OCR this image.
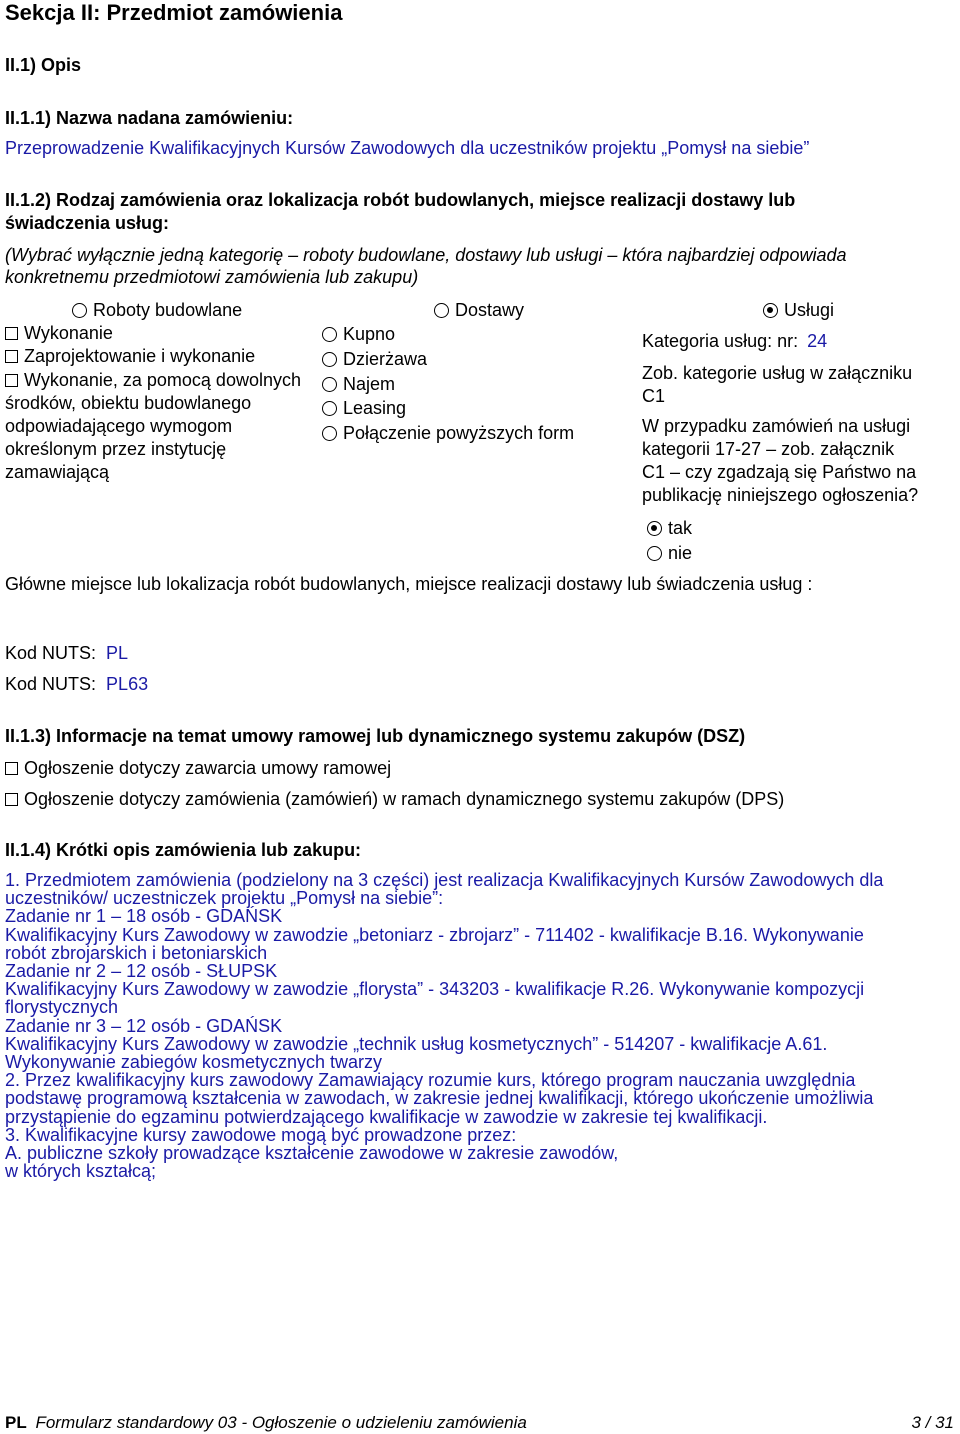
Sekcja II: Przedmiot zamówienia
II.1) Opis
II.1.1) Nazwa nadana zamówieniu:
Przeprowadzenie Kwalifikacyjnych Kursów Zawodowych dla uczestników projektu „Pomysł na siebie”
II.1.2) Rodzaj zamówienia oraz lokalizacja robót budowlanych, miejsce realizacji dostawy lub
świadczenia usług:
(Wybrać wyłącznie jedną kategorię – roboty budowlane, dostawy lub usługi – która najbardziej odpowiada
konkretnemu przedmiotowi zamówienia lub zakupu)
Roboty budowlane	Dostawy	Usługi
Wykonanie
Zaprojektowanie i wykonanie
Wykonanie, za pomocą dowolnych
środków, obiektu budowlanego
odpowiadającego wymogom
określonym przez instytucję
zamawiającą
Kupno
Dzierżawa
Najem
Leasing
Połączenie powyższych form
Kategoria usług: nr: 24
Zob. kategorie usług w załączniku
C1
W przypadku zamówień na usługi
kategorii 17-27 – zob. załącznik
C1 – czy zgadzają się Państwo na
publikację niniejszego ogłoszenia?
tak
nie
Główne miejsce lub lokalizacja robót budowlanych, miejsce realizacji dostawy lub świadczenia usług :
Kod NUTS: PL
Kod NUTS: PL63
II.1.3) Informacje na temat umowy ramowej lub dynamicznego systemu zakupów (DSZ)
Ogłoszenie dotyczy zawarcia umowy ramowej
Ogłoszenie dotyczy zamówienia (zamówień) w ramach dynamicznego systemu zakupów (DPS)
II.1.4) Krótki opis zamówienia lub zakupu:
1. Przedmiotem zamówienia (podzielony na 3 części) jest realizacja Kwalifikacyjnych Kursów Zawodowych dla
uczestników/ uczestniczek projektu „Pomysł na siebie”:
Zadanie nr 1 – 18 osób - GDAŃSK
Kwalifikacyjny Kurs Zawodowy w zawodzie „betoniarz - zbrojarz” - 711402 - kwalifikacje B.16. Wykonywanie
robót zbrojarskich i betoniarskich
Zadanie nr 2 – 12 osób - SŁUPSK
Kwalifikacyjny Kurs Zawodowy w zawodzie „florysta” - 343203 - kwalifikacje R.26. Wykonywanie kompozycji
florystycznych
Zadanie nr 3 – 12 osób - GDAŃSK
Kwalifikacyjny Kurs Zawodowy w zawodzie „technik usług kosmetycznych” - 514207 - kwalifikacje A.61.
Wykonywanie zabiegów kosmetycznych twarzy
2. Przez kwalifikacyjny kurs zawodowy Zamawiający rozumie kurs, którego program nauczania uwzględnia
podstawę programową kształcenia w zawodach, w zakresie jednej kwalifikacji, którego ukończenie umożliwia
przystąpienie do egzaminu potwierdzającego kwalifikacje w zawodzie w zakresie tej kwalifikacji.
3. Kwalifikacyjne kursy zawodowe mogą być prowadzone przez:
A. publiczne szkoły prowadzące kształcenie zawodowe w zakresie zawodów,
w których kształcą;
PL Formularz standardowy 03 - Ogłoszenie o udzieleniu zamówienia	3 / 31
